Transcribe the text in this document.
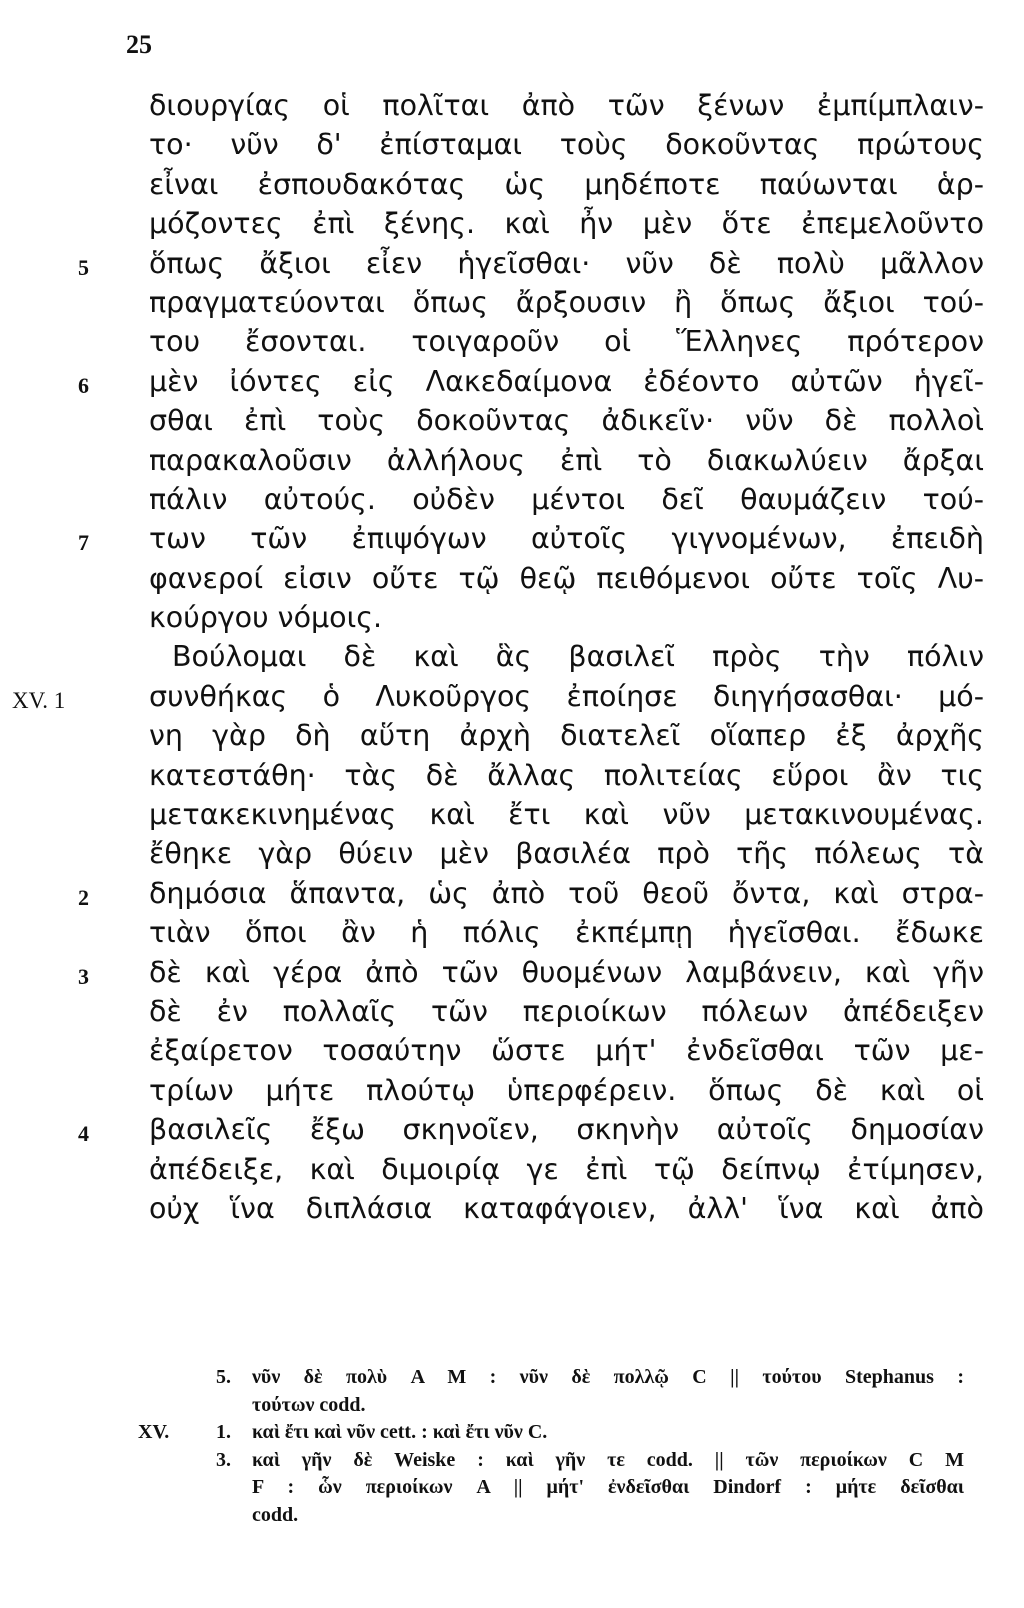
25
διουργίας οἱ πολῖται ἀπὸ τῶν ξένων ἐμπίμπλαιν-
το· νῦν δ' ἐπίσταμαι τοὺς δοκοῦντας πρώτους
εἶναι ἐσπουδακότας ὡς μηδέποτε παύωνται ἁρ-
μόζοντες ἐπὶ ξένης. καὶ ἦν μὲν ὅτε ἐπεμελοῦντο
5 ὅπως ἄξιοι εἶεν ἡγεῖσθαι· νῦν δὲ πολὺ μᾶλλον
πραγματεύονται ὅπως ἄρξουσιν ἢ ὅπως ἄξιοι τού-
του ἔσονται. τοιγαροῦν οἱ Ἕλληνες πρότερον
6 μὲν ἰόντες εἰς Λακεδαίμονα ἐδέοντο αὐτῶν ἡγεῖ-
σθαι ἐπὶ τοὺς δοκοῦντας ἀδικεῖν· νῦν δὲ πολλοὶ
παρακαλοῦσιν ἀλλήλους ἐπὶ τὸ διακωλύειν ἄρξαι
πάλιν αὐτούς. οὐδὲν μέντοι δεῖ θαυμάζειν τού-
7 των τῶν ἐπιψόγων αὐτοῖς γιγνομένων, ἐπειδὴ
φανεροί εἰσιν οὔτε τῷ θεῷ πειθόμενοι οὔτε τοῖς Λυ-
κούργου νόμοις.
Βούλομαι δὲ καὶ ἃς βασιλεῖ πρὸς τὴν πόλιν
XV. 1	συνθήκας ὁ Λυκοῦργος ἐποίησε διηγήσασθαι· μό-
νη γὰρ δὴ αὕτη ἀρχὴ διατελεῖ οἵαπερ ἐξ ἀρχῆς
κατεστάθη· τὰς δὲ ἄλλας πολιτείας εὕροι ἂν τις
μετακεκινημένας καὶ ἔτι καὶ νῦν μετακινουμένας.
ἔθηκε γὰρ θύειν μὲν βασιλέα πρὸ τῆς πόλεως τὰ
2 δημόσια ἅπαντα, ὡς ἀπὸ τοῦ θεοῦ ὄντα, καὶ στρα-
τιὰν ὅποι ἂν ἡ πόλις ἐκπέμπῃ ἡγεῖσθαι. ἔδωκε
3 δὲ καὶ γέρα ἀπὸ τῶν θυομένων λαμβάνειν, καὶ γῆν
δὲ ἐν πολλαῖς τῶν περιοίκων πόλεων ἀπέδειξεν
ἐξαίρετον τοσαύτην ὥστε μήτ' ἐνδεῖσθαι τῶν με-
τρίων μήτε πλούτῳ ὑπερφέρειν. ὅπως δὲ καὶ οἱ
4 βασιλεῖς ἔξω σκηνοῖεν, σκηνὴν αὐτοῖς δημοσίαν
ἀπέδειξε, καὶ διμοιρίᾳ γε ἐπὶ τῷ δείπνῳ ἐτίμησεν,
οὐχ ἵνα διπλάσια καταφάγοιεν, ἀλλ' ἵνα καὶ ἀπὸ
5. νῦν δὲ πολὺ A M : νῦν δὲ πολλῷ C || τούτου Stephanus :
τούτων codd.
XV. 1. καὶ ἔτι καὶ νῦν cett. : καὶ ἔτι νῦν C.
3. καὶ γῆν δὲ Weiske : καὶ γῆν τε codd. || τῶν περιοίκων C M
F : ὧν περιοίκων A || μήτ' ἐνδεῖσθαι Dindorf : μήτε δεῖσθαι
codd.
